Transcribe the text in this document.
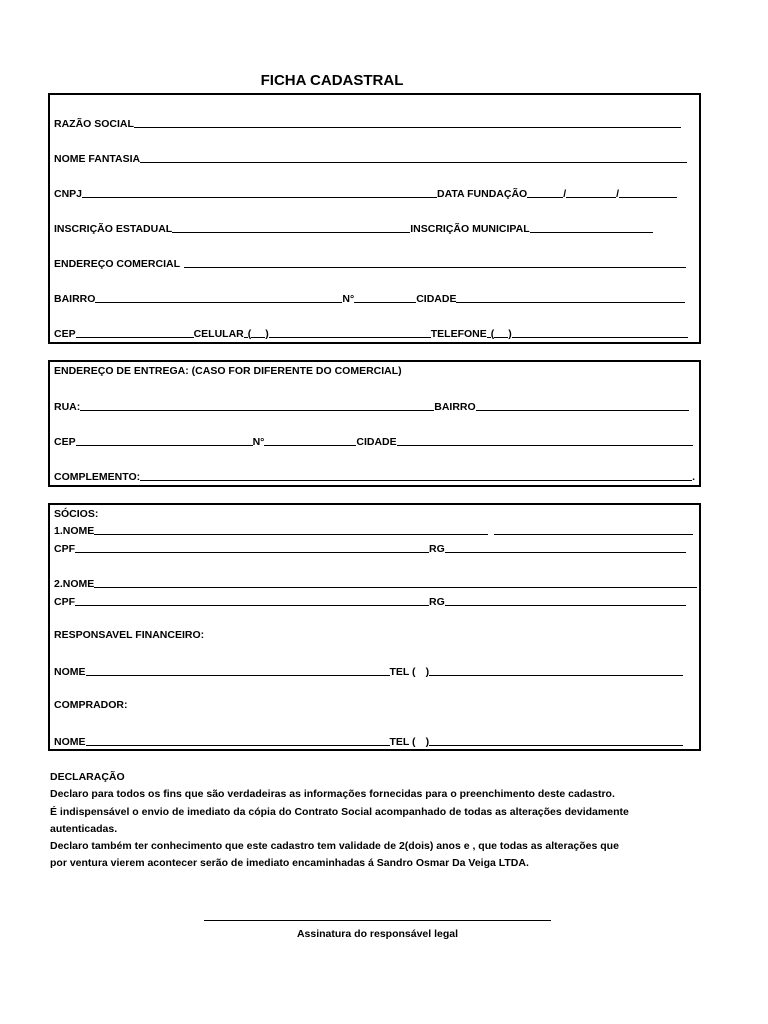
FICHA CADASTRAL
RAZÃO SOCIAL
NOME FANTASIA
CNPJ	DATA FUNDAÇÃO	/	/
INSCRIÇÃO ESTADUAL	INSCRIÇÃO MUNICIPAL
ENDEREÇO COMERCIAL
BAIRRO	N°	CIDADE
CEP	CELULAR ( )	TELEFONE ( )
ENDEREÇO DE ENTREGA: (CASO FOR DIFERENTE DO COMERCIAL)
RUA:	BAIRRO
CEP	N°	CIDADE
COMPLEMENTO:	.
SÓCIOS:
1.NOME
CPF	RG
2.NOME
CPF	RG
RESPONSAVEL FINANCEIRO:
NOME	TEL ( )
COMPRADOR:
NOME	TEL ( )
DECLARAÇÃO
Declaro para todos os fins que são verdadeiras as informações fornecidas para o preenchimento deste cadastro.
É indispensável o envio de imediato da cópia do Contrato Social acompanhado de todas as alterações devidamente
autenticadas.
Declaro também ter conhecimento que este cadastro tem validade de 2(dois) anos e , que todas as alterações que
por ventura vierem acontecer serão de imediato encaminhadas á Sandro Osmar Da Veiga LTDA.
Assinatura do responsável legal
